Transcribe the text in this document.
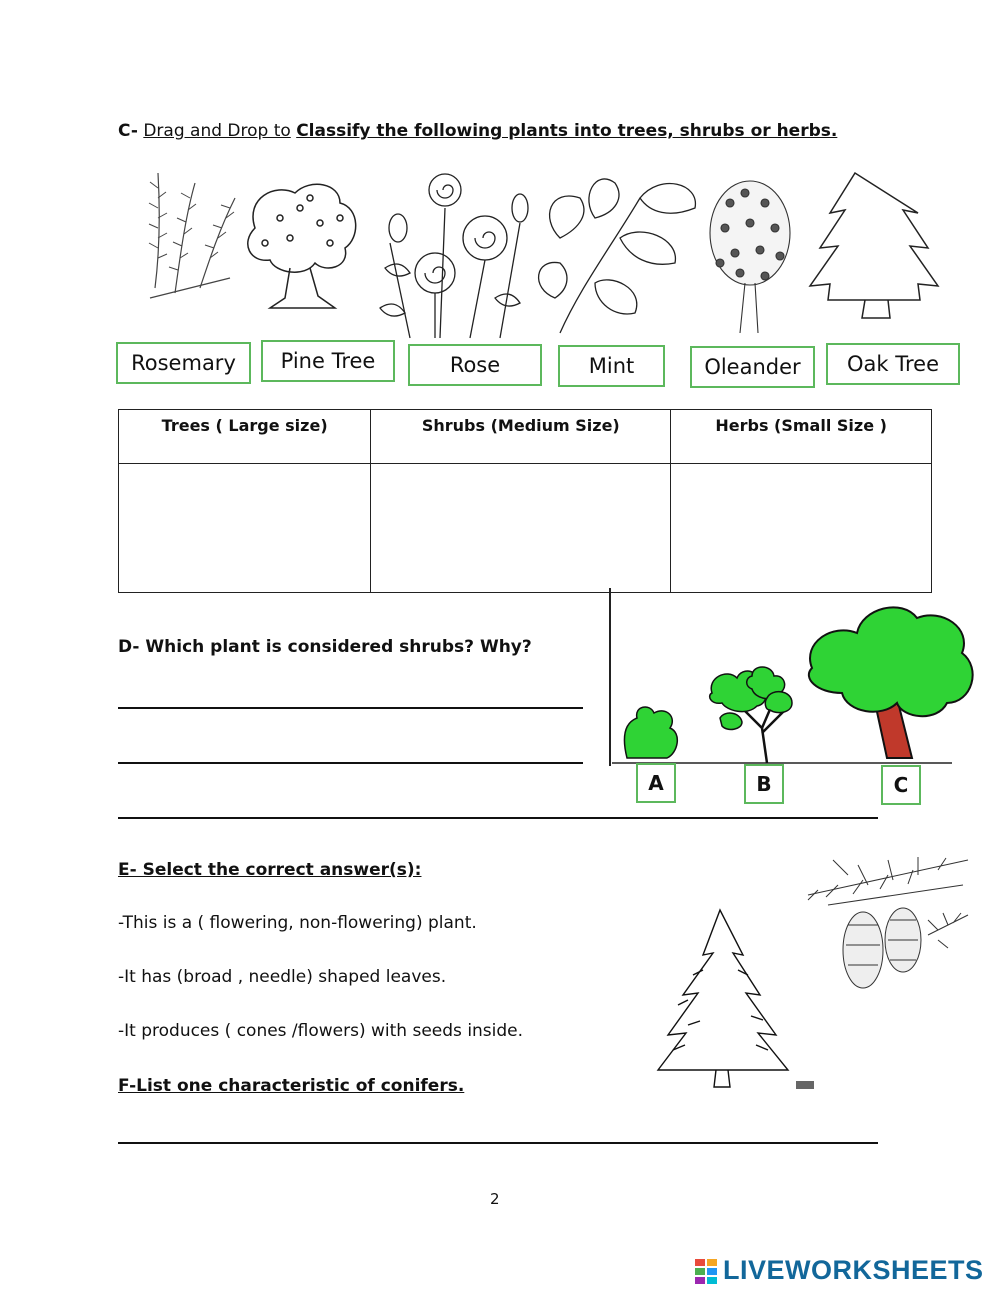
C- Drag and Drop to Classify the following plants into trees, shrubs or herbs.
Rosemary	Pine Tree	Rose	Mint	Oleander	Oak Tree
Trees ( Large size)	Shrubs (Medium Size)	Herbs (Small Size )

D- Which plant is considered shrubs? Why?
A	B	C
E- Select the correct answer(s):
-This is a ( flowering, non-flowering) plant.
-It has (broad , needle) shaped leaves.
-It produces ( cones /flowers) with seeds inside.
F-List one characteristic of conifers.
2
LIVEWORKSHEETS
